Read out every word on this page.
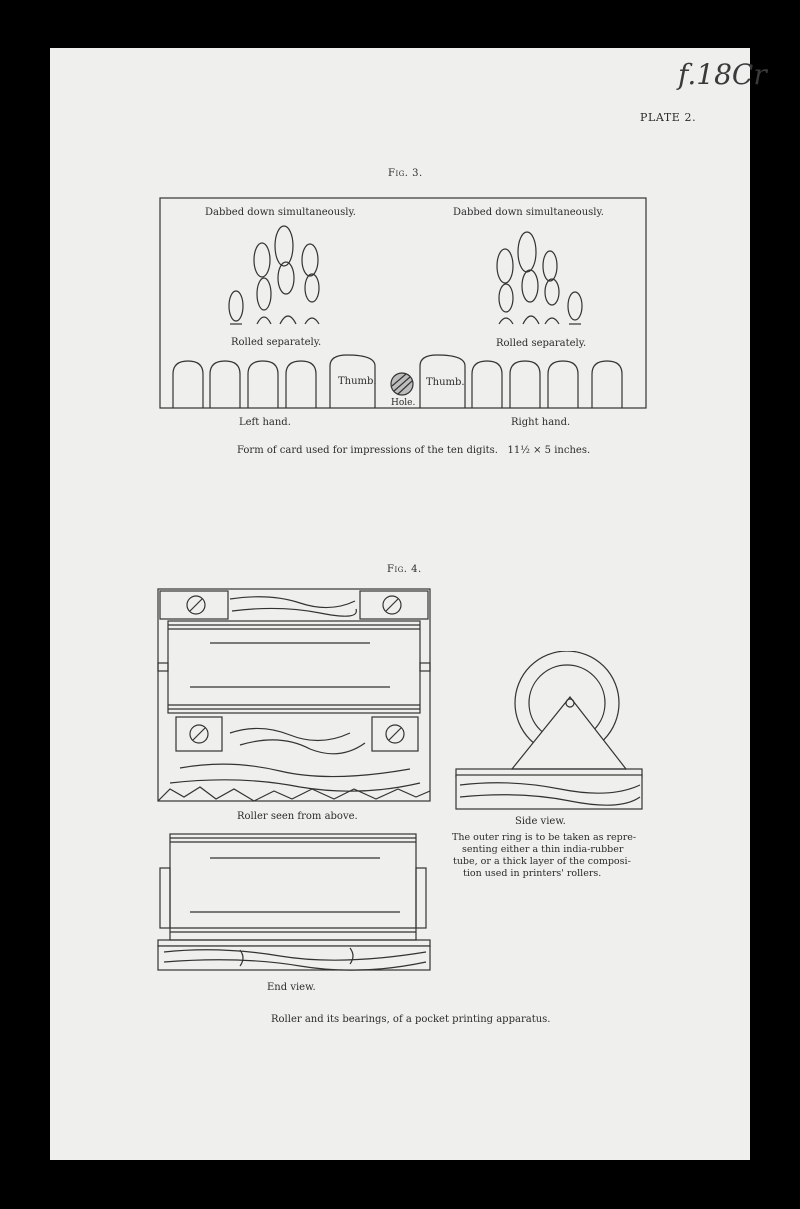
f.18Cr
PLATE 2.
Fig. 3.
Dabbed down simultaneously.	Dabbed down simultaneously.
Rolled separately.	Rolled separately.
Thumb.	Thumb.
Hole.
Left hand.	Right hand.
Form of card used for impressions of the ten digits. 11½ × 5 inches.
Fig. 4.
Roller seen from above.	Side view.
The outer ring is to be taken as repre-
senting either a thin india-rubber
tube, or a thick layer of the composi-
tion used in printers' rollers.
End view.
Roller and its bearings, of a pocket printing apparatus.
